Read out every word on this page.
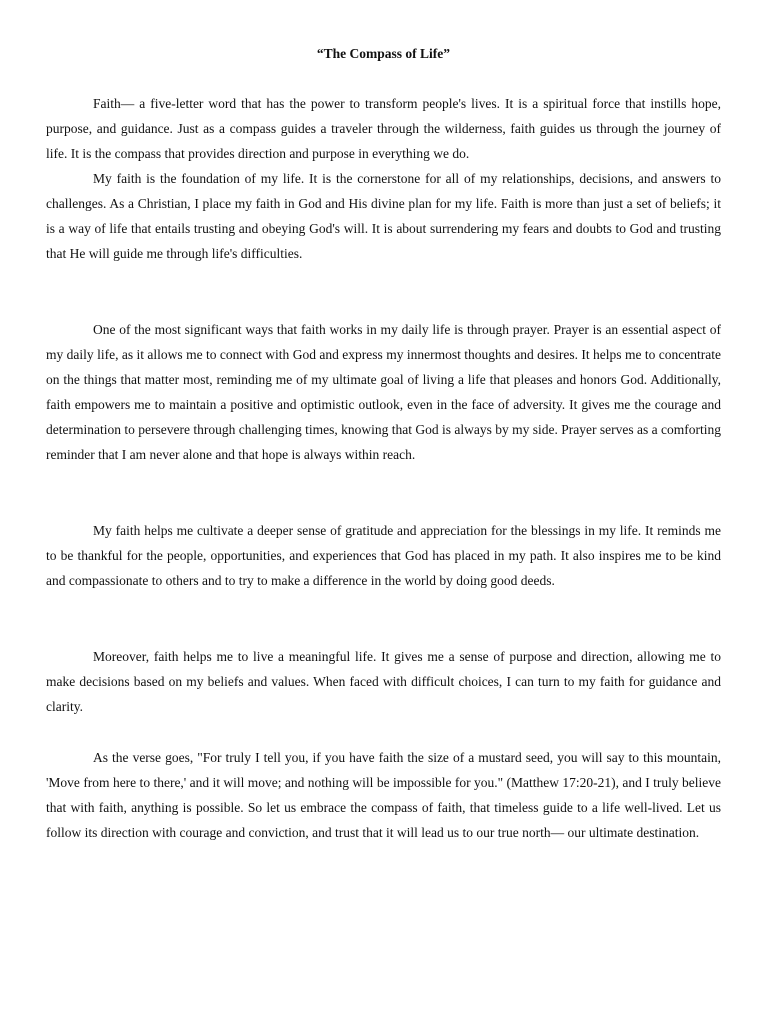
“The Compass of Life”

Faith— a five-letter word that has the power to transform people's lives. It is a spiritual force that instills hope, purpose, and guidance. Just as a compass guides a traveler through the wilderness, faith guides us through the journey of life. It is the compass that provides direction and purpose in everything we do.

My faith is the foundation of my life. It is the cornerstone for all of my relationships, decisions, and answers to challenges. As a Christian, I place my faith in God and His divine plan for my life. Faith is more than just a set of beliefs; it is a way of life that entails trusting and obeying God's will. It is about surrendering my fears and doubts to God and trusting that He will guide me through life's difficulties.

One of the most significant ways that faith works in my daily life is through prayer. Prayer is an essential aspect of my daily life, as it allows me to connect with God and express my innermost thoughts and desires. It helps me to concentrate on the things that matter most, reminding me of my ultimate goal of living a life that pleases and honors God. Additionally, faith empowers me to maintain a positive and optimistic outlook, even in the face of adversity. It gives me the courage and determination to persevere through challenging times, knowing that God is always by my side. Prayer serves as a comforting reminder that I am never alone and that hope is always within reach.

My faith helps me cultivate a deeper sense of gratitude and appreciation for the blessings in my life. It reminds me to be thankful for the people, opportunities, and experiences that God has placed in my path. It also inspires me to be kind and compassionate to others and to try to make a difference in the world by doing good deeds.

Moreover, faith helps me to live a meaningful life. It gives me a sense of purpose and direction, allowing me to make decisions based on my beliefs and values. When faced with difficult choices, I can turn to my faith for guidance and clarity.

As the verse goes, "For truly I tell you, if you have faith the size of a mustard seed, you will say to this mountain, 'Move from here to there,' and it will move; and nothing will be impossible for you." (Matthew 17:20-21), and I truly believe that with faith, anything is possible. So let us embrace the compass of faith, that timeless guide to a life well-lived. Let us follow its direction with courage and conviction, and trust that it will lead us to our true north— our ultimate destination.
